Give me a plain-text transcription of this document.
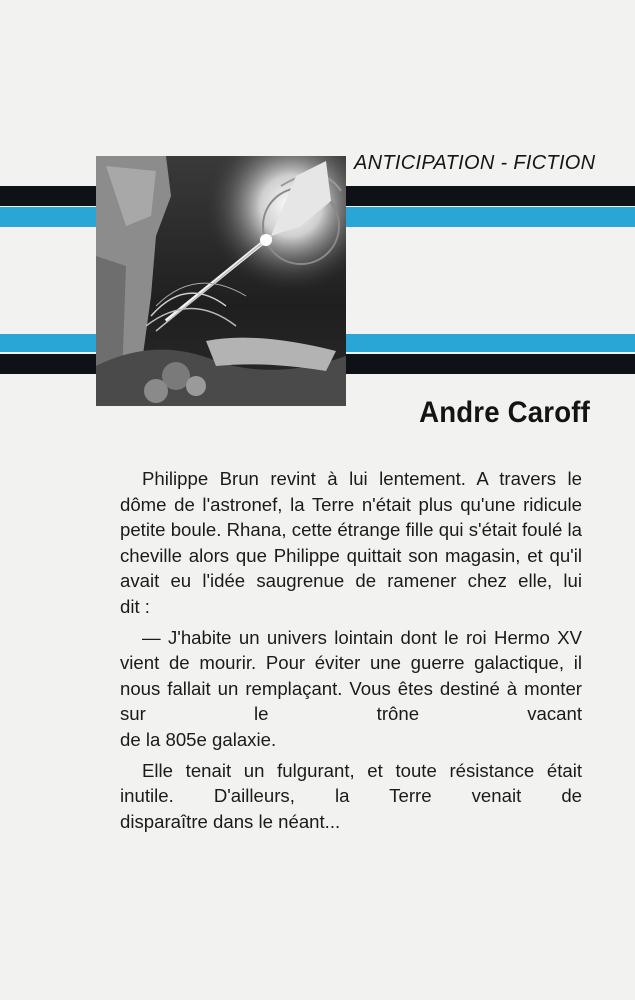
ANTICIPATION - FICTION
Andre Caroff

Philippe Brun revint à lui lentement. A travers le dôme de l'astronef, la Terre n'était plus qu'une ridicule petite boule. Rhana, cette étrange fille qui s'était foulé la cheville alors que Philippe quittait son magasin, et qu'il avait eu l'idée saugrenue de ramener chez elle, lui

dit :

— J'habite un univers lointain dont le roi Hermo XV vient de mourir. Pour éviter une guerre galactique, il nous fallait un remplaçant. Vous êtes destiné à monter sur le trône vacant

de la 805e galaxie.

Elle tenait un fulgurant, et toute résistance était inutile. D'ailleurs, la Terre venait de

disparaître dans le néant...
